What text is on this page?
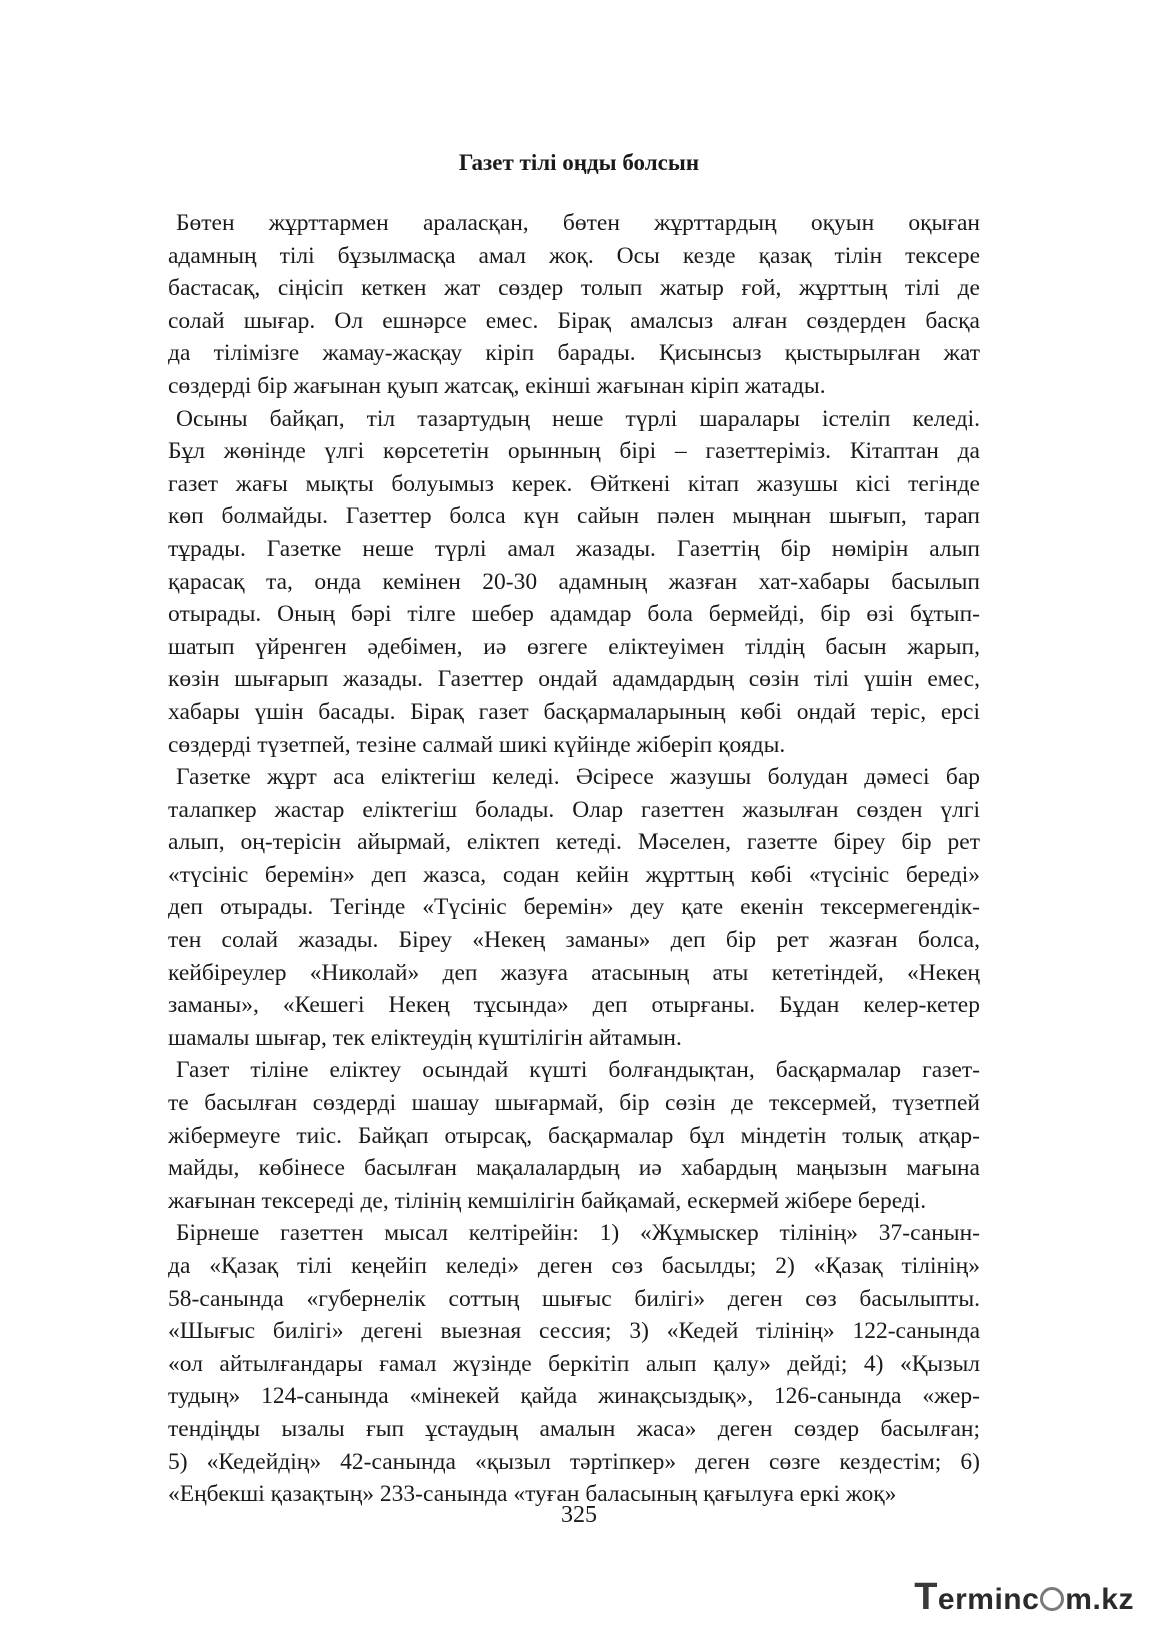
Газет тілі оңды болсын
Бөтен жұрттармен араласқан, бөтен жұрттардың оқуын оқыған
адамның тілі бұзылмасқа амал жоқ. Осы кезде қазақ тілін тексере
бастасақ, сіңісіп кеткен жат сөздер толып жатыр ғой, жұрттың тілі де
солай шығар. Ол ешнәрсе емес. Бірақ амалсыз алған сөздерден басқа
да тілімізге жамау-жасқау кіріп барады. Қисынсыз қыстырылған жат
сөздерді бір жағынан қуып жатсақ, екінші жағынан кіріп жатады.
Осыны байқап, тіл тазартудың неше түрлі шаралары істеліп келеді.
Бұл жөнінде үлгі көрсететін орынның бірі – газеттеріміз. Кітаптан да
газет жағы мықты болуымыз керек. Өйткені кітап жазушы кісі тегінде
көп болмайды. Газеттер болса күн сайын пәлен мыңнан шығып, тарап
тұрады. Газетке неше түрлі амал жазады. Газеттің бір нөмірін алып
қарасақ та, онда кемінен 20-30 адамның жазған хат-хабары басылып
отырады. Оның бәрі тілге шебер адамдар бола бермейді, бір өзі бұтып-
шатып үйренген әдебімен, иә өзгеге еліктеуімен тілдің басын жарып,
көзін шығарып жазады. Газеттер ондай адамдардың сөзін тілі үшін емес,
хабары үшін басады. Бірақ газет басқармаларының көбі ондай теріс, ерсі
сөздерді түзетпей, тезіне салмай шикі күйінде жіберіп қояды.
Газетке жұрт аса еліктегіш келеді. Әсіресе жазушы болудан дәмесі бар
талапкер жастар еліктегіш болады. Олар газеттен жазылған сөзден үлгі
алып, оң-терісін айырмай, еліктеп кетеді. Мәселен, газетте біреу бір рет
«түсініс беремін» деп жазса, содан кейін жұрттың көбі «түсініс береді»
деп отырады. Тегінде «Түсініс беремін» деу қате екенін тексермегендік-
тен солай жазады. Біреу «Некең заманы» деп бір рет жазған болса,
кейбіреулер «Николай» деп жазуға атасының аты кететіндей, «Некең
заманы», «Кешегі Некең тұсында» деп отырғаны. Бұдан келер-кетер
шамалы шығар, тек еліктеудің күштілігін айтамын.
Газет тіліне еліктеу осындай күшті болғандықтан, басқармалар газет-
те басылған сөздерді шашау шығармай, бір сөзін де тексермей, түзетпей
жібермеуге тиіс. Байқап отырсақ, басқармалар бұл міндетін толық атқар-
майды, көбінесе басылған мақалалардың иә хабардың маңызын мағына
жағынан тексереді де, тілінің кемшілігін байқамай, ескермей жібере береді.
Бірнеше газеттен мысал келтірейін: 1) «Жұмыскер тілінің» 37-санын-
да «Қазақ тілі кеңейіп келеді» деген сөз басылды; 2) «Қазақ тілінің»
58-санында «губернелік соттың шығыс билігі» деген сөз басылыпты.
«Шығыс билігі» дегені выезная сессия; 3) «Кедей тілінің» 122-санында
«ол айтылғандары ғамал жүзінде беркітіп алып қалу» дейді; 4) «Қызыл
тудың» 124-санында «мінекей қайда жинақсыздық», 126-санында «жер-
тендіңды ызалы ғып ұстаудың амалын жаса» деген сөздер басылған;
5) «Кедейдің» 42-санында «қызыл тәртіпкер» деген сөзге кездестім; 6)
«Еңбекші қазақтың» 233-санында «туған баласының қағылуға еркі жоқ»
325
T erminc m.kz
